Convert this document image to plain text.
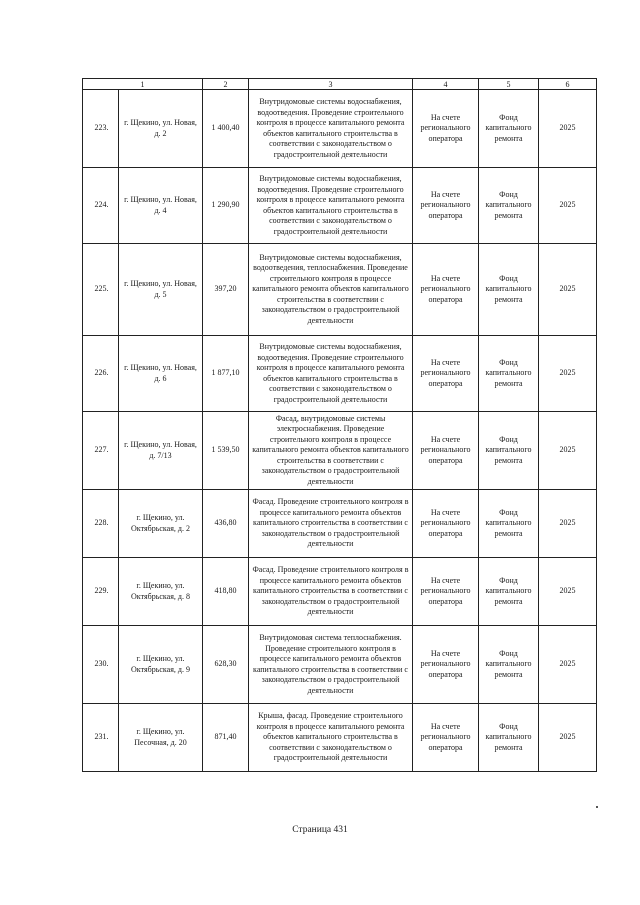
1		2	3	4	5	6
223.	г. Щекино, ул. Новая, д. 2	1 400,40	Внутридомовые системы водоснабжения, водоотведения. Проведение строительного контроля в процессе капитального ремонта объектов капитального строительства в соответствии с законодательством о градостроительной деятельности	На счете регионального оператора	Фонд капитального ремонта	2025
224.	г. Щекино, ул. Новая, д. 4	1 290,90	Внутридомовые системы водоснабжения, водоотведения. Проведение строительного контроля в процессе капитального ремонта объектов капитального строительства в соответствии с законодательством о градостроительной деятельности	На счете регионального оператора	Фонд капитального ремонта	2025
225.	г. Щекино, ул. Новая, д. 5	397,20	Внутридомовые системы водоснабжения, водоотведения, теплоснабжения. Проведение строительного контроля в процессе капитального ремонта объектов капитального строительства в соответствии с законодательством о градостроительной деятельности	На счете регионального оператора	Фонд капитального ремонта	2025
226.	г. Щекино, ул. Новая, д. 6	1 877,10	Внутридомовые системы водоснабжения, водоотведения. Проведение строительного контроля в процессе капитального ремонта объектов капитального строительства в соответствии с законодательством о градостроительной деятельности	На счете регионального оператора	Фонд капитального ремонта	2025
227.	г. Щекино, ул. Новая, д. 7/13	1 539,50	Фасад, внутридомовые системы электроснабжения. Проведение строительного контроля в процессе капитального ремонта объектов капитального строительства в соответствии с законодательством о градостроительной деятельности	На счете регионального оператора	Фонд капитального ремонта	2025
228.	г. Щекино, ул. Октябрьская, д. 2	436,80	Фасад. Проведение строительного контроля в процессе капитального ремонта объектов капитального строительства в соответствии с законодательством о градостроительной деятельности	На счете регионального оператора	Фонд капитального ремонта	2025
229.	г. Щекино, ул. Октябрьская, д. 8	418,80	Фасад. Проведение строительного контроля в процессе капитального ремонта объектов капитального строительства в соответствии с законодательством о градостроительной деятельности	На счете регионального оператора	Фонд капитального ремонта	2025
230.	г. Щекино, ул. Октябрьская, д. 9	628,30	Внутридомовая система теплоснабжения. Проведение строительного контроля в процессе капитального ремонта объектов капитального строительства в соответствии с законодательством о градостроительной деятельности	На счете регионального оператора	Фонд капитального ремонта	2025
231.	г. Щекино, ул. Песочная, д. 20	871,40	Крыша, фасад. Проведение строительного контроля в процессе капитального ремонта объектов капитального строительства в соответствии с законодательством о градостроительной деятельности	На счете регионального оператора	Фонд капитального ремонта	2025
Страница 431
